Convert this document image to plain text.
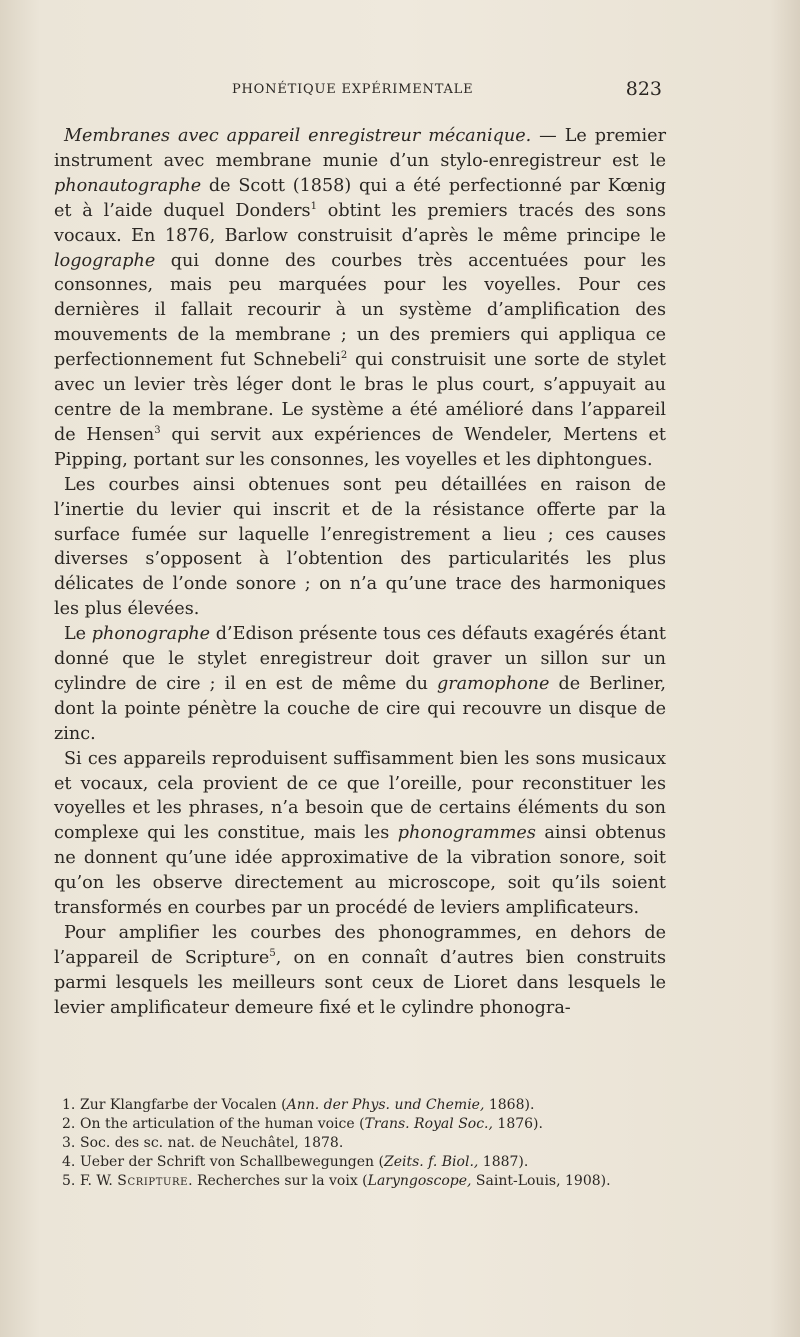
PHONÉTIQUE EXPÉRIMENTALE	823

Membranes avec appareil enregistreur mécanique. — Le premier instrument avec membrane munie d’un stylo-enregistreur est le phonautographe de Scott (1858) qui a été perfectionné par Kœnig et à l’aide duquel Donders$^1$ obtint les premiers tracés des sons vocaux. En 1876, Barlow construisit d’après le même principe le logographe qui donne des courbes très accentuées pour les consonnes, mais peu marquées pour les voyelles. Pour ces dernières il fallait recourir à un système d’amplification des mouvements de la membrane ; un des premiers qui appliqua ce perfectionnement fut Schnebeli$^2$ qui construisit une sorte de stylet avec un levier très léger dont le bras le plus court, s’appuyait au centre de la membrane. Le système a été amélioré dans l’appareil de Hensen$^3$ qui servit aux expériences de Wendeler, Mertens et Pipping, portant sur les consonnes, les voyelles et les diphtongues.

Les courbes ainsi obtenues sont peu détaillées en raison de l’inertie du levier qui inscrit et de la résistance offerte par la surface fumée sur laquelle l’enregistrement a lieu ; ces causes diverses s’opposent à l’obtention des particularités les plus délicates de l’onde sonore ; on n’a qu’une trace des harmoniques les plus élevées.

Le phonographe d’Edison présente tous ces défauts exagérés étant donné que le stylet enregistreur doit graver un sillon sur un cylindre de cire ; il en est de même du gramophone de Berliner, dont la pointe pénètre la couche de cire qui recouvre un disque de zinc.

Si ces appareils reproduisent suffisamment bien les sons musicaux et vocaux, cela provient de ce que l’oreille, pour reconstituer les voyelles et les phrases, n’a besoin que de certains éléments du son complexe qui les constitue, mais les phonogrammes ainsi obtenus ne donnent qu’une idée approximative de la vibration sonore, soit qu’on les observe directement au microscope, soit qu’ils soient transformés en courbes par un procédé de leviers amplificateurs.

Pour amplifier les courbes des phonogrammes, en dehors de l’appareil de Scripture$^5$, on en connaît d’autres bien construits parmi lesquels les meilleurs sont ceux de Lioret dans lesquels le levier amplificateur demeure fixé et le cylindre phonogra-

1. Zur Klangfarbe der Vocalen (Ann. der Phys. und Chemie, 1868).

2. On the articulation of the human voice (Trans. Royal Soc., 1876).

3. Soc. des sc. nat. de Neuchâtel, 1878.

4. Ueber der Schrift von Schallbewegungen (Zeits. f. Biol., 1887).

5. F. W. Scripture. Recherches sur la voix (Laryngoscope, Saint-Louis, 1908).
